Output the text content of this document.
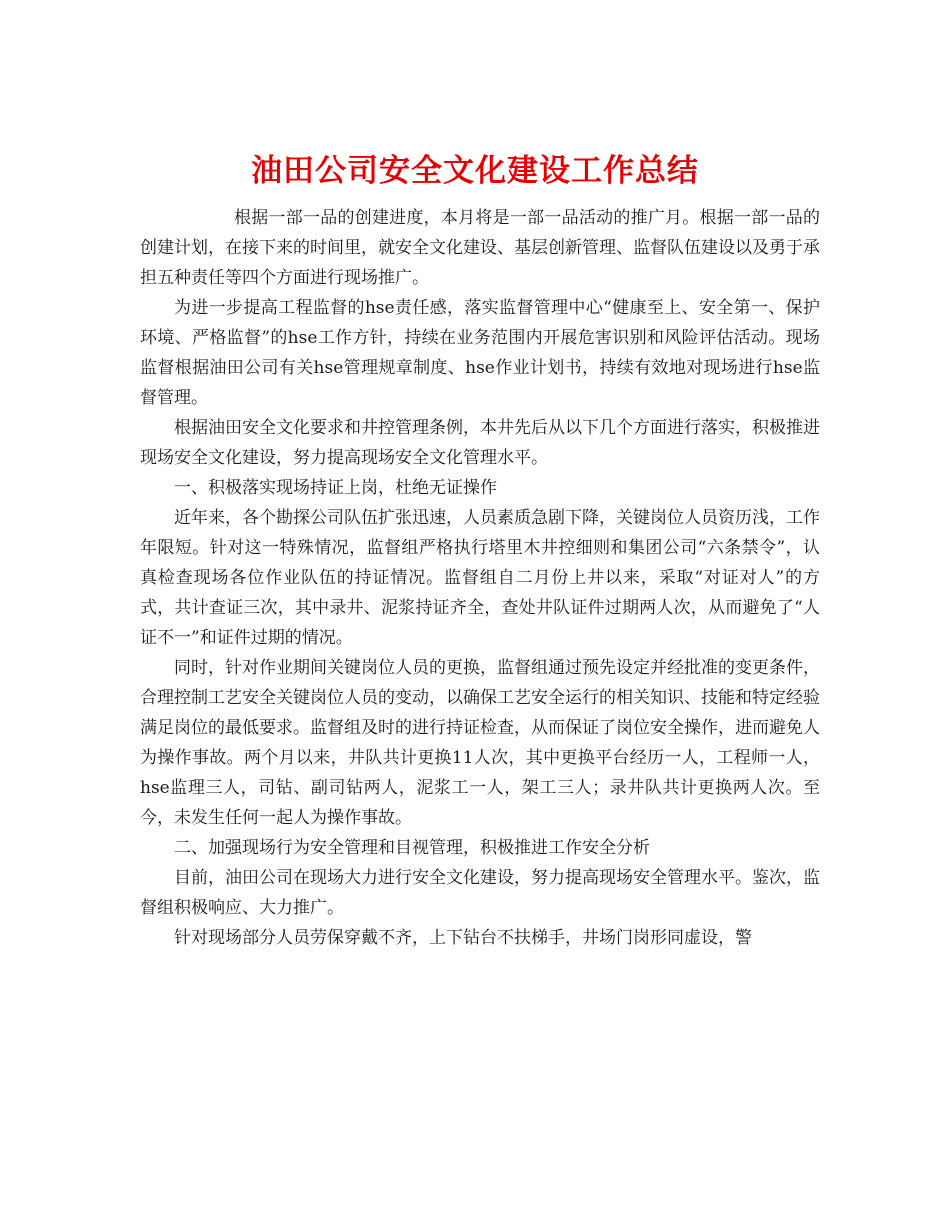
油田公司安全文化建设工作总结

根据一部一品的创建进度，本月将是一部一品活动的推广月。根据一部一品的创建计划，在接下来的时间里，就安全文化建设、基层创新管理、监督队伍建设以及勇于承担五种责任等四个方面进行现场推广。

为进一步提高工程监督的hse责任感，落实监督管理中心“健康至上、安全第一、保护环境、严格监督”的hse工作方针，持续在业务范围内开展危害识别和风险评估活动。现场监督根据油田公司有关hse管理规章制度、hse作业计划书，持续有效地对现场进行hse监督管理。

根据油田安全文化要求和井控管理条例，本井先后从以下几个方面进行落实，积极推进现场安全文化建设，努力提高现场安全文化管理水平。

一、积极落实现场持证上岗，杜绝无证操作

近年来，各个勘探公司队伍扩张迅速，人员素质急剧下降，关键岗位人员资历浅，工作年限短。针对这一特殊情况，监督组严格执行塔里木井控细则和集团公司“六条禁令”，认真检查现场各位作业队伍的持证情况。监督组自二月份上井以来，采取“对证对人”的方式，共计查证三次，其中录井、泥浆持证齐全，查处井队证件过期两人次，从而避免了“人证不一”和证件过期的情况。

同时，针对作业期间关键岗位人员的更换，监督组通过预先设定并经批准的变更条件，合理控制工艺安全关键岗位人员的变动，以确保工艺安全运行的相关知识、技能和特定经验满足岗位的最低要求。监督组及时的进行持证检查，从而保证了岗位安全操作，进而避免人为操作事故。两个月以来，井队共计更换11人次，其中更换平台经历一人，工程师一人，hse监理三人，司钻、副司钻两人，泥浆工一人，架工三人；录井队共计更换两人次。至今，未发生任何一起人为操作事故。

二、加强现场行为安全管理和目视管理，积极推进工作安全分析

目前，油田公司在现场大力进行安全文化建设，努力提高现场安全管理水平。鉴次，监督组积极响应、大力推广。

针对现场部分人员劳保穿戴不齐，上下钻台不扶梯手，井场门岗形同虚设，警
